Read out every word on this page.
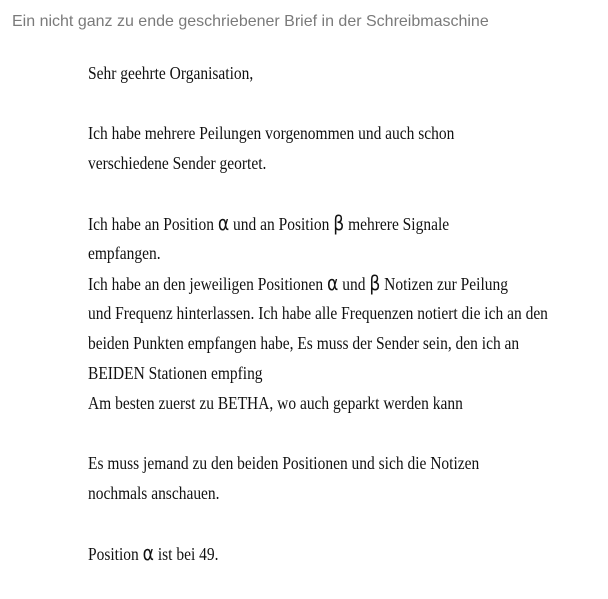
Ein nicht ganz zu ende geschriebener Brief in der Schreibmaschine
Sehr geehrte Organisation,
Ich habe mehrere Peilungen vorgenommen und auch schon
verschiedene Sender geortet.
Ich habe an Position α und an Position β mehrere Signale
empfangen.
Ich habe an den jeweiligen Positionen α und β Notizen zur Peilung
und Frequenz hinterlassen. Ich habe alle Frequenzen notiert die ich an den
beiden Punkten empfangen habe, Es muss der Sender sein, den ich an
BEIDEN Stationen empfing
Am besten zuerst zu BETHA, wo auch geparkt werden kann
Es muss jemand zu den beiden Positionen und sich die Notizen
nochmals anschauen.
Position α ist bei 49.
